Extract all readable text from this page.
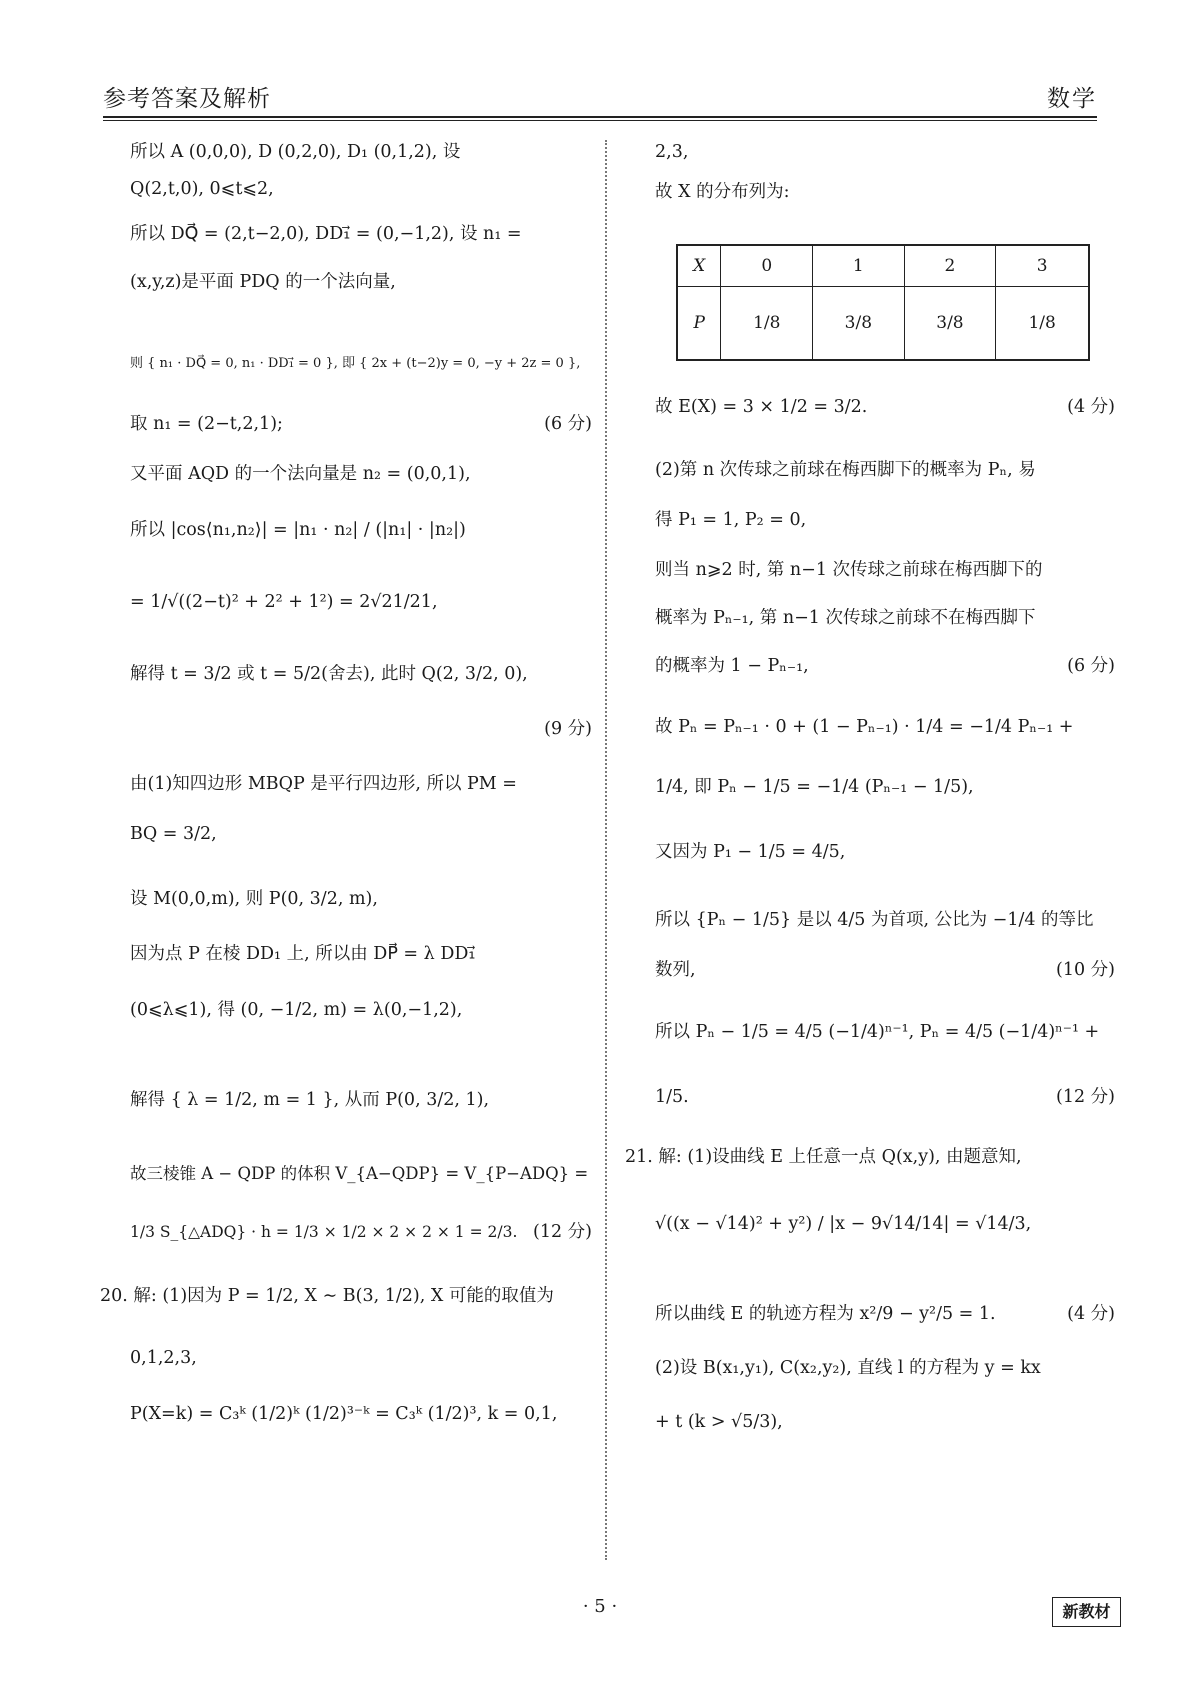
参考答案及解析	数学
所以 A (0,0,0), D (0,2,0), D₁ (0,1,2), 设
Q(2,t,0), 0⩽t⩽2,
所以 DQ⃗ = (2,t−2,0), DD₁⃗ = (0,−1,2), 设 n₁ =
(x,y,z)是平面 PDQ 的一个法向量,
则 { n₁ · DQ⃗ = 0, n₁ · DD₁⃗ = 0 }, 即 { 2x + (t−2)y = 0, −y + 2z = 0 },
取 n₁ = (2−t,2,1);	(6 分)
又平面 AQD 的一个法向量是 n₂ = (0,0,1),
所以 |cos⟨n₁,n₂⟩| = |n₁ · n₂| / (|n₁| · |n₂|)
= 1/√((2−t)² + 2² + 1²) = 2√21/21,
解得 t = 3/2 或 t = 5/2(舍去), 此时 Q(2, 3/2, 0),
(9 分)
由(1)知四边形 MBQP 是平行四边形, 所以 PM =
BQ = 3/2,
设 M(0,0,m), 则 P(0, 3/2, m),
因为点 P 在棱 DD₁ 上, 所以由 DP⃗ = λ DD₁⃗
(0⩽λ⩽1), 得 (0, −1/2, m) = λ(0,−1,2),
解得 { λ = 1/2, m = 1 }, 从而 P(0, 3/2, 1),
故三棱锥 A − QDP 的体积 V_{A−QDP} = V_{P−ADQ} =
1/3 S_{△ADQ} · h = 1/3 × 1/2 × 2 × 2 × 1 = 2/3. (12 分)
20. 解: (1)因为 P = 1/2, X ∼ B(3, 1/2), X 可能的取值为
0,1,2,3,
P(X=k) = C₃ᵏ (1/2)ᵏ (1/2)³⁻ᵏ = C₃ᵏ (1/2)³, k = 0,1,
2,3,
故 X 的分布列为:
X	0	1	2	3
P	1/8	3/8	3/8	1/8
故 E(X) = 3 × 1/2 = 3/2.	(4 分)
(2)第 n 次传球之前球在梅西脚下的概率为 Pₙ, 易
得 P₁ = 1, P₂ = 0,
则当 n⩾2 时, 第 n−1 次传球之前球在梅西脚下的
概率为 Pₙ₋₁, 第 n−1 次传球之前球不在梅西脚下
的概率为 1 − Pₙ₋₁,	(6 分)
故 Pₙ = Pₙ₋₁ · 0 + (1 − Pₙ₋₁) · 1/4 = −1/4 Pₙ₋₁ +
1/4, 即 Pₙ − 1/5 = −1/4 (Pₙ₋₁ − 1/5),
又因为 P₁ − 1/5 = 4/5,
所以 {Pₙ − 1/5} 是以 4/5 为首项, 公比为 −1/4 的等比
数列,	(10 分)
所以 Pₙ − 1/5 = 4/5 (−1/4)ⁿ⁻¹, Pₙ = 4/5 (−1/4)ⁿ⁻¹ +
1/5.	(12 分)
21. 解: (1)设曲线 E 上任意一点 Q(x,y), 由题意知,
√((x − √14)² + y²) / |x − 9√14/14| = √14/3,
所以曲线 E 的轨迹方程为 x²/9 − y²/5 = 1.	(4 分)
(2)设 B(x₁,y₁), C(x₂,y₂), 直线 l 的方程为 y = kx
+ t (k > √5/3),
· 5 ·	新教材
